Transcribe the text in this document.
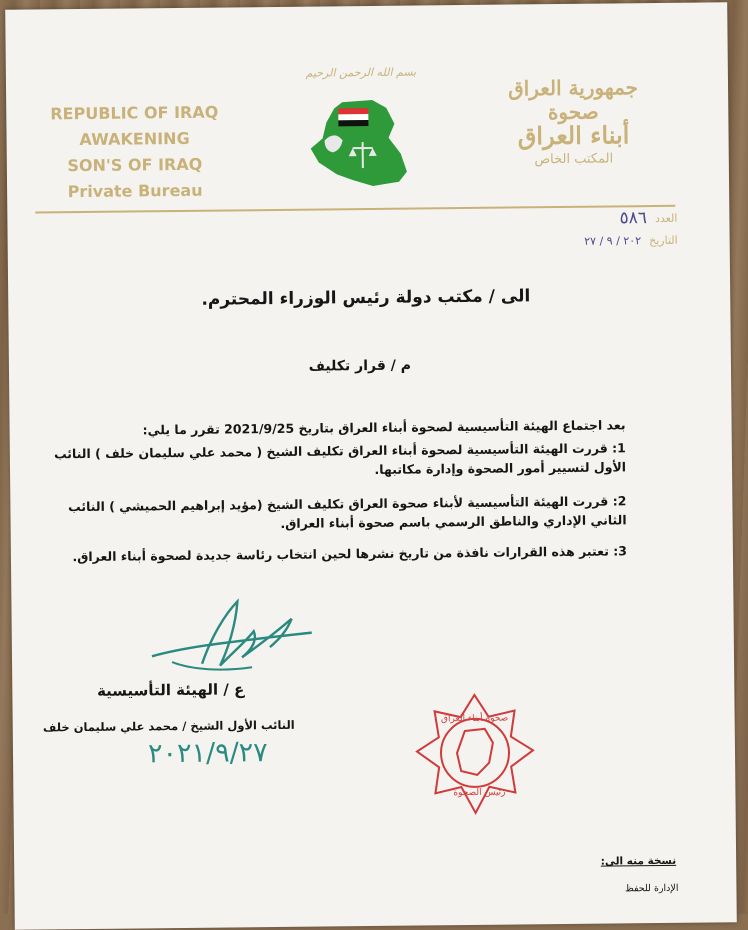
بسم الله الرحمن الرحيم
REPUBLIC OF IRAQ
AWAKENING
SON'S OF IRAQ
Private Bureau
جمهورية العراق
صحوة
أبناء العراق
المكتب الخاص
العدد
٥٨٦
التاريخ
٢٠٢ / ٩ / ٢٧
الى / مكتب دولة رئيس الوزراء المحترم.
م / قرار تكليف
بعد اجتماع الهيئة التأسيسية لصحوة أبناء العراق بتاريخ 2021/9/25 تقرر ما يلي:
1: قررت الهيئة التأسيسية لصحوة أبناء العراق تكليف الشيخ ( محمد علي سليمان خلف ) النائب الأول لتسيير أمور الصحوة وإدارة مكاتبها.
2: قررت الهيئة التأسيسية لأبناء صحوة العراق تكليف الشيخ (مؤيد إبراهيم الحميشي ) النائب الثاني الإداري والناطق الرسمي باسم صحوة أبناء العراق.
3: تعتبر هذه القرارات نافذة من تاريخ نشرها لحين انتخاب رئاسة جديدة لصحوة أبناء العراق.
ع / الهيئة التأسيسية
النائب الأول الشيخ / محمد علي سليمان خلف
٢٠٢١/٩/٢٧
صحوة أبناء العراق
رئيس الصحوة
نسخة منه الى:
الإدارة للحفظ
